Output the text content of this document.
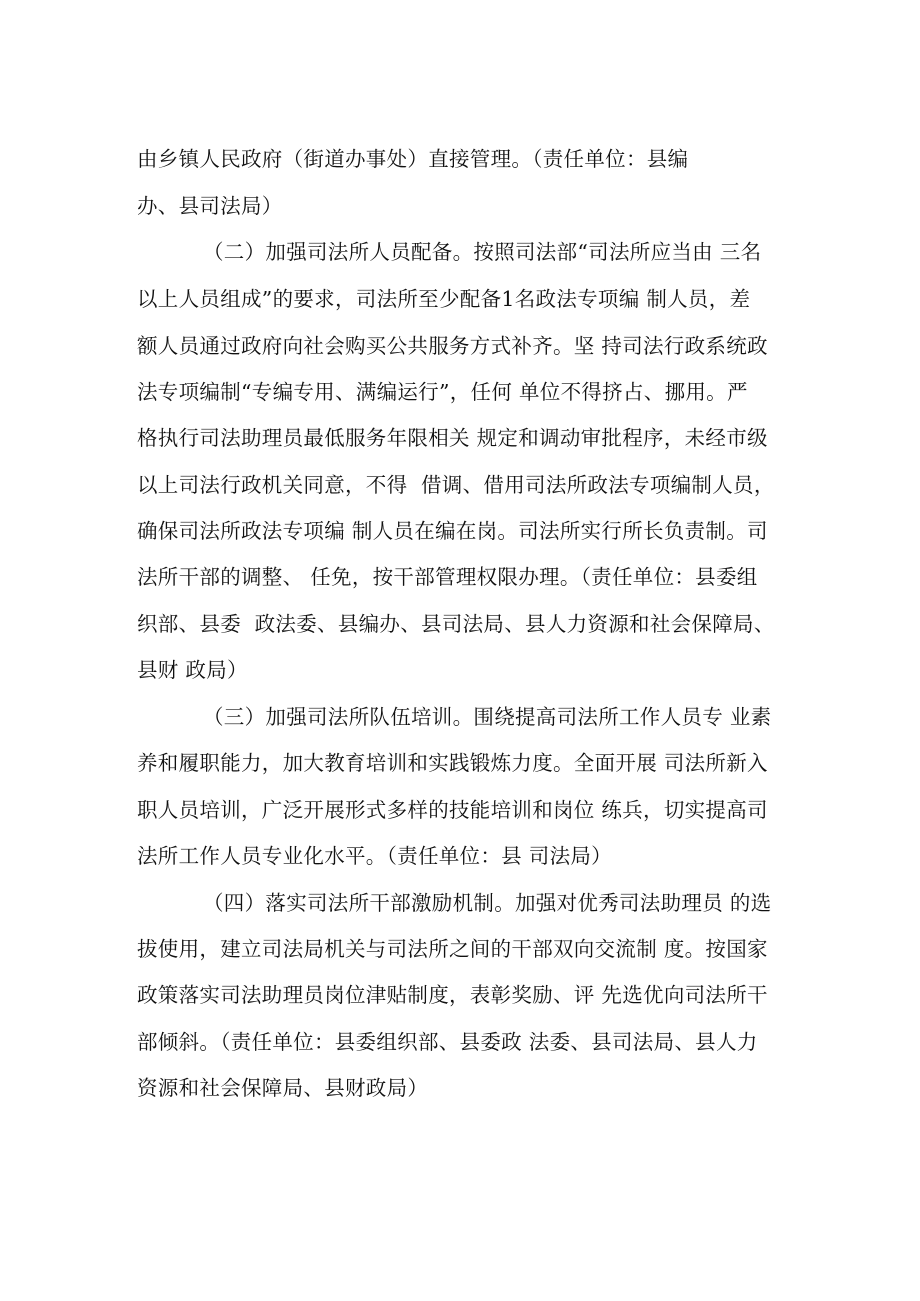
由乡镇人民政府（街道办事处）直接管理。（责任单位：县编
办、县司法局）
（二）加强司法所人员配备。按照司法部“司法所应当由 三名
以上人员组成”的要求，司法所至少配备1名政法专项编 制人员，差
额人员通过政府向社会购买公共服务方式补齐。坚 持司法行政系统政
法专项编制“专编专用、满编运行”，任何 单位不得挤占、挪用。严
格执行司法助理员最低服务年限相关 规定和调动审批程序，未经市级
以上司法行政机关同意，不得  借调、借用司法所政法专项编制人员，
确保司法所政法专项编 制人员在编在岗。司法所实行所长负责制。司
法所干部的调整、 任免，按干部管理权限办理。（责任单位：县委组
织部、县委  政法委、县编办、县司法局、县人力资源和社会保障局、
县财 政局）
（三）加强司法所队伍培训。围绕提高司法所工作人员专 业素
养和履职能力，加大教育培训和实践锻炼力度。全面开展 司法所新入
职人员培训，广泛开展形式多样的技能培训和岗位 练兵，切实提高司
法所工作人员专业化水平。（责任单位：县 司法局）
（四）落实司法所干部激励机制。加强对优秀司法助理员 的选
拔使用，建立司法局机关与司法所之间的干部双向交流制 度。按国家
政策落实司法助理员岗位津贴制度，表彰奖励、评 先选优向司法所干
部倾斜。（责任单位：县委组织部、县委政 法委、县司法局、县人力
资源和社会保障局、县财政局）
